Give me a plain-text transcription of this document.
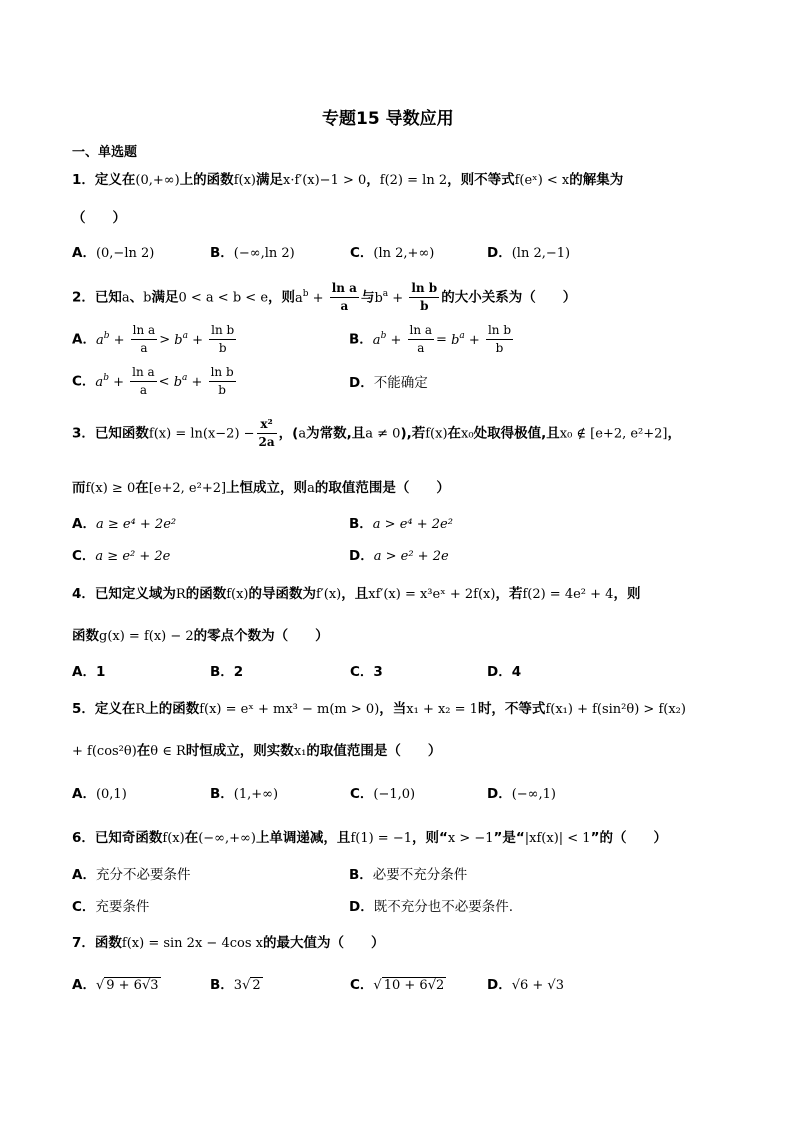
专题15 导数应用
一、单选题
1．定义在(0,+∞)上的函数f(x)满足x·f′(x)−1 > 0，f(2) = ln 2，则不等式f(eˣ) < x的解集为
（　　）
A．(0,−ln 2)	B．(−∞,ln 2)	C．(ln 2,+∞)	D．(ln 2,−1)
2．已知a、b满足0 < a < b < e，则$a^b + \frac{\text{ln a}}{a}$ 与$b^a + \frac{\text{ln b}}{b}$ 的大小关系为（　　）
A．$a^b + \frac{\text{ln a}}{a} > b^a + \frac{\text{ln b}}{b}$	B．$a^b + \frac{\text{ln a}}{a} = b^a + \frac{\text{ln b}}{b}$
C．$a^b + \frac{\text{ln a}}{a} < b^a + \frac{\text{ln b}}{b}$	D．不能确定
3．已知函数$f(x) = \ln(x-2) - \frac{\text{x²}}{2a}$ ，(a为常数,且a ≠ 0),若f(x)在x₀处取得极值,且x₀ ∉ [e+2, e²+2]，
而f(x) ≥ 0在[e+2, e²+2]上恒成立，则a的取值范围是（　　）
A．a ≥ e⁴ + 2e²	B．a > e⁴ + 2e²
C．a ≥ e² + 2e	D．a > e² + 2e
4．已知定义域为R的函数f(x)的导函数为f′(x)，且xf′(x) = x³eˣ + 2f(x)，若f(2) = 4e² + 4，则
函数g(x) = f(x) − 2的零点个数为（　　）
A．1	B．2	C．3	D．4
5．定义在R上的函数f(x) = eˣ + mx³ − m(m > 0)，当x₁ + x₂ = 1时，不等式f(x₁) + f(sin²θ) > f(x₂)
+ f(cos²θ)在θ ∈ R时恒成立，则实数x₁的取值范围是（　　）
A．(0,1)	B．(1,+∞)	C．(−1,0)	D．(−∞,1)
6．已知奇函数f(x)在(−∞,+∞)上单调递减，且f(1) = −1，则“x > −1”是“|xf(x)| < 1”的（　　）
A．充分不必要条件	B．必要不充分条件
C．充要条件	D．既不充分也不必要条件.
7．函数f(x) = sin 2x − 4cos x的最大值为（　　）
A．√ 9 + 6√3	B．3√ 2	C．√ 10 + 6√2	D．√6 + √3
